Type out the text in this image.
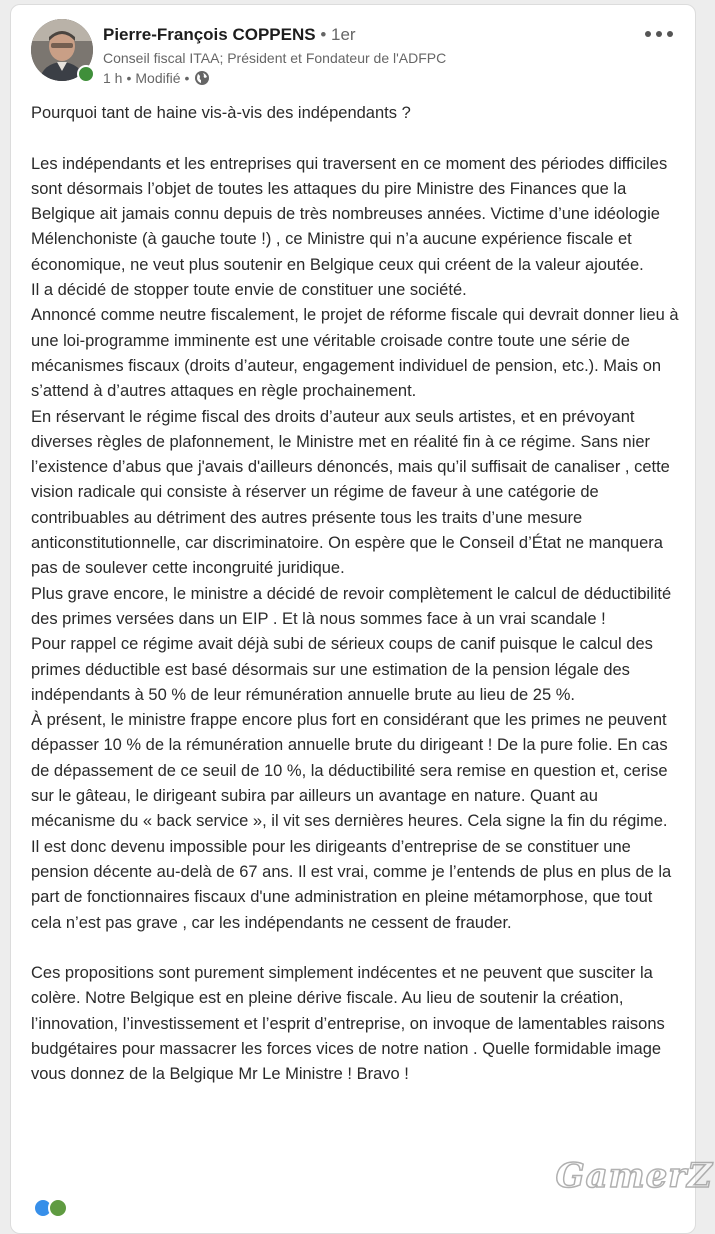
Pierre-François COPPENS • 1er
Conseil fiscal ITAA; Président et Fondateur de l'ADFPC
1 h • Modifié •

Pourquoi tant de haine vis-à-vis des indépendants ?

Les indépendants et les entreprises qui traversent en ce moment des périodes difficiles sont désormais l’objet de toutes les attaques du pire Ministre des Finances que la Belgique ait jamais connu depuis de très nombreuses années. Victime d’une idéologie Mélenchoniste (à gauche toute !) , ce Ministre qui n’a aucune expérience fiscale et économique, ne veut plus soutenir en Belgique ceux qui créent de la valeur ajoutée.
Il a décidé de stopper toute envie de constituer une société.
Annoncé comme neutre fiscalement, le projet de réforme fiscale qui devrait donner lieu à une loi-programme imminente est une véritable croisade contre toute une série de mécanismes fiscaux (droits d’auteur, engagement individuel de pension, etc.). Mais on s’attend à d’autres attaques en règle prochainement.
En réservant le régime fiscal des droits d’auteur aux seuls artistes, et en prévoyant diverses règles de plafonnement, le Ministre met en réalité fin à ce régime. Sans nier l’existence d’abus que j'avais d'ailleurs dénoncés, mais qu’il suffisait de canaliser , cette vision radicale qui consiste à réserver un régime de faveur à une catégorie de contribuables au détriment des autres présente tous les traits d’une mesure anticonstitutionnelle, car discriminatoire. On espère que le Conseil d’État ne manquera pas de soulever cette incongruité juridique.
Plus grave encore, le ministre a décidé de revoir complètement le calcul de déductibilité des primes versées dans un EIP . Et là nous sommes face à un vrai scandale !
Pour rappel ce régime avait déjà subi de sérieux coups de canif puisque le calcul des primes déductible est basé désormais sur une estimation de la pension légale des indépendants à 50 % de leur rémunération annuelle brute au lieu de 25 %.
À présent, le ministre frappe encore plus fort en considérant que les primes ne peuvent dépasser 10 % de la rémunération annuelle brute du dirigeant ! De la pure folie. En cas de dépassement de ce seuil de 10 %, la déductibilité sera remise en question et, cerise sur le gâteau, le dirigeant subira par ailleurs un avantage en nature. Quant au mécanisme du « back service », il vit ses dernières heures. Cela signe la fin du régime.
Il est donc devenu impossible pour les dirigeants d’entreprise de se constituer une pension décente au-delà de 67 ans. Il est vrai, comme je l’entends de plus en plus de la part de fonctionnaires fiscaux d'une administration en pleine métamorphose, que tout cela n’est pas grave , car les indépendants ne cessent de frauder.

Ces propositions sont purement simplement indécentes et ne peuvent que susciter la colère. Notre Belgique est en pleine dérive fiscale. Au lieu de soutenir la création, l’innovation, l’investissement et l’esprit d’entreprise, on invoque de lamentables raisons budgétaires pour massacrer les forces vices de notre nation . Quelle formidable image vous donnez de la Belgique Mr Le Ministre ! Bravo !

GamerZ
